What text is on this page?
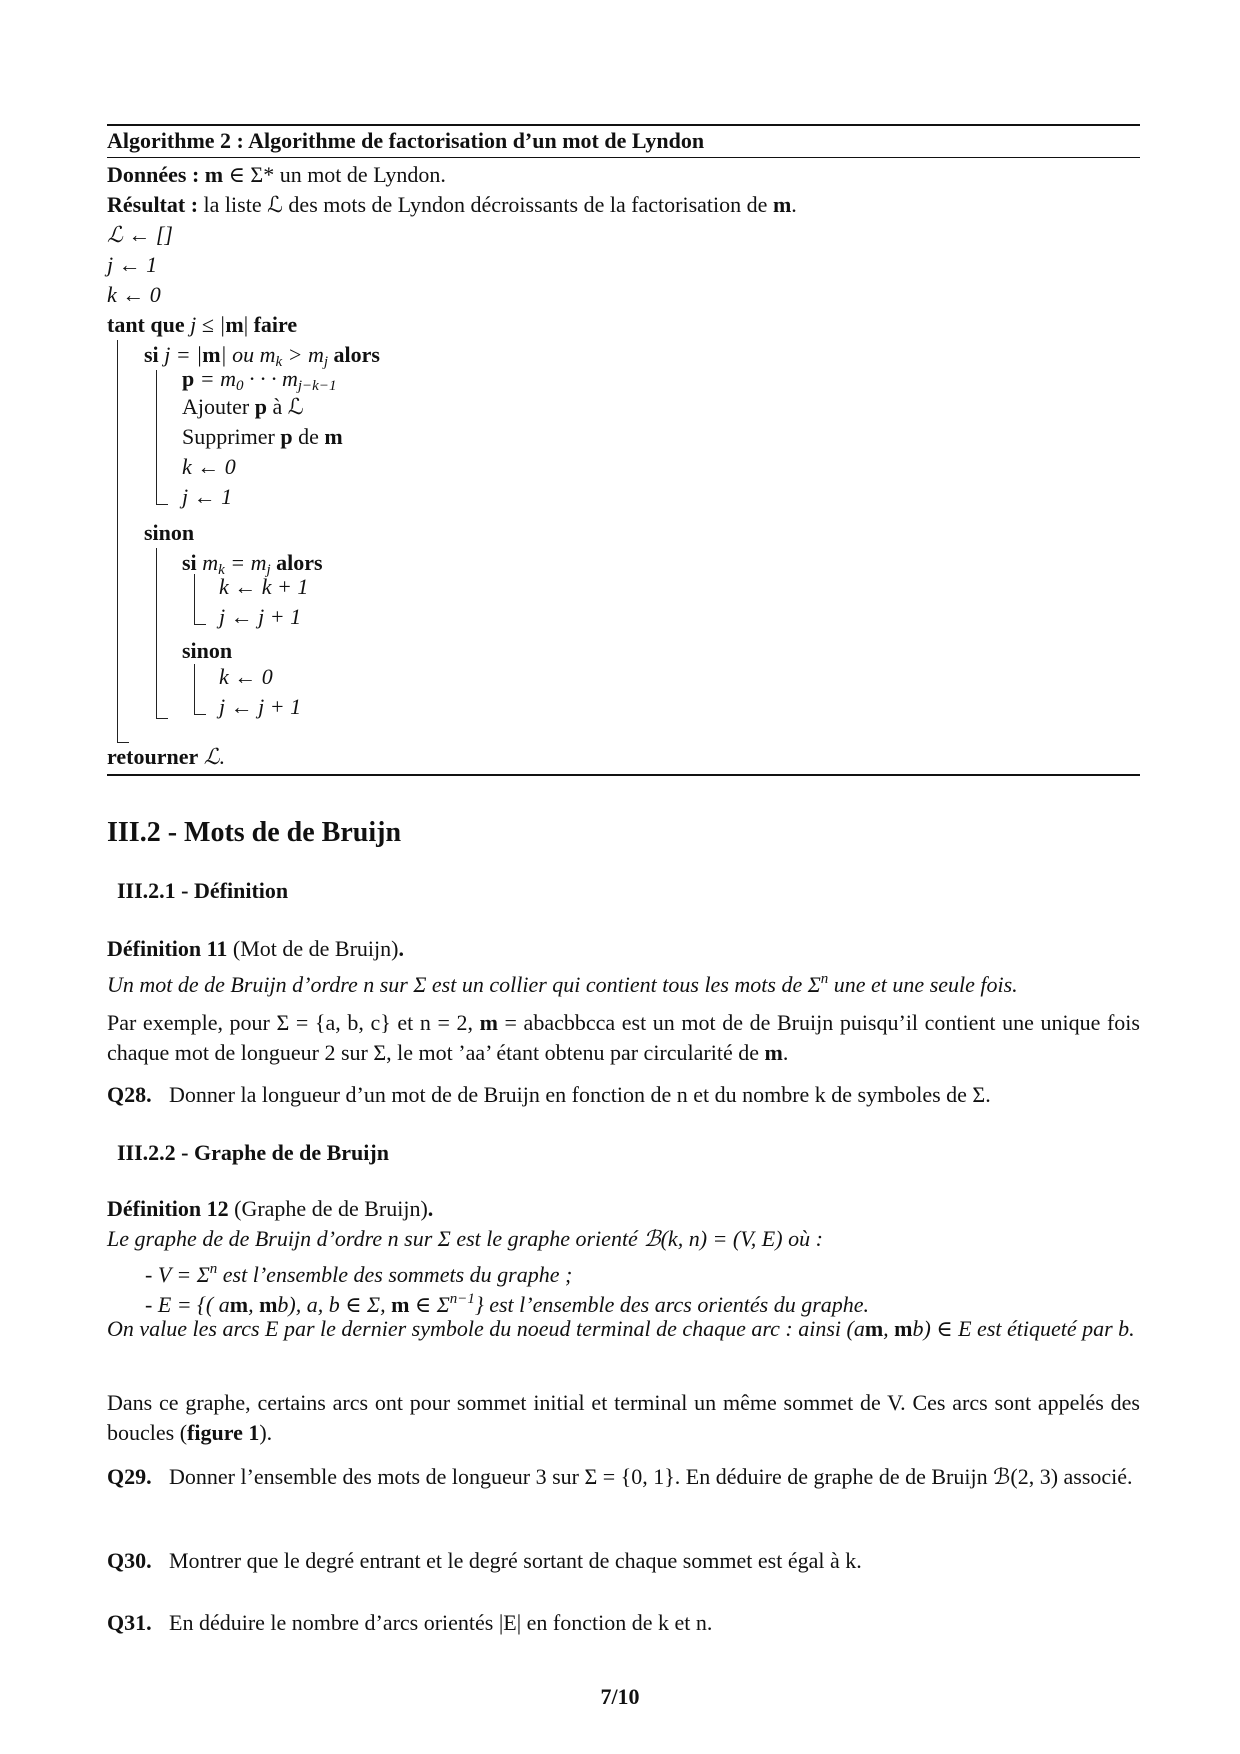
Algorithme 2 : Algorithme de factorisation d’un mot de Lyndon
Données : m ∈ Σ* un mot de Lyndon.
Résultat : la liste ℒ des mots de Lyndon décroissants de la factorisation de m.
ℒ ← []
j ← 1
k ← 0
tant que j ≤ |m| faire
si j = |m| ou $m_k > m_j$ alors
$p = m_0$ · · · $m_{j-k-1}$
Ajouter p à ℒ
Supprimer p de m
k ← 0
j ← 1
sinon
si $m_k = m_j$ alors
k ← k + 1
j ← j + 1
sinon
k ← 0
j ← j + 1
retourner ℒ.
III.2 - Mots de de Bruijn
III.2.1 - Définition
Définition 11 (Mot de de Bruijn).
Un mot de de Bruijn d’ordre n sur Σ est un collier qui contient tous les mots de $\Sigma^n$ une et une seule fois.
Par exemple, pour Σ = {a, b, c} et n = 2, m = abacbbcca est un mot de de Bruijn puisqu’il contient une unique fois chaque mot de longueur 2 sur Σ, le mot ’aa’ étant obtenu par circularité de m.
Q28. Donner la longueur d’un mot de de Bruijn en fonction de n et du nombre k de symboles de Σ.
III.2.2 - Graphe de de Bruijn
Définition 12 (Graphe de de Bruijn).
Le graphe de de Bruijn d’ordre n sur Σ est le graphe orienté ℬ(k, n) = (V, E) où :
- $V = \Sigma^n$ est l’ensemble des sommets du graphe ;
- E = {( am, mb), a, b ∈ Σ, m ∈ $\Sigma^{n-1}$} est l’ensemble des arcs orientés du graphe.
On value les arcs E par le dernier symbole du noeud terminal de chaque arc : ainsi (am, mb) ∈ E est étiqueté par b.
Dans ce graphe, certains arcs ont pour sommet initial et terminal un même sommet de V. Ces arcs sont appelés des boucles (figure 1).
Q29. Donner l’ensemble des mots de longueur 3 sur Σ = {0, 1}. En déduire de graphe de de Bruijn ℬ(2, 3) associé.
Q30. Montrer que le degré entrant et le degré sortant de chaque sommet est égal à k.
Q31. En déduire le nombre d’arcs orientés |E| en fonction de k et n.
7/10
